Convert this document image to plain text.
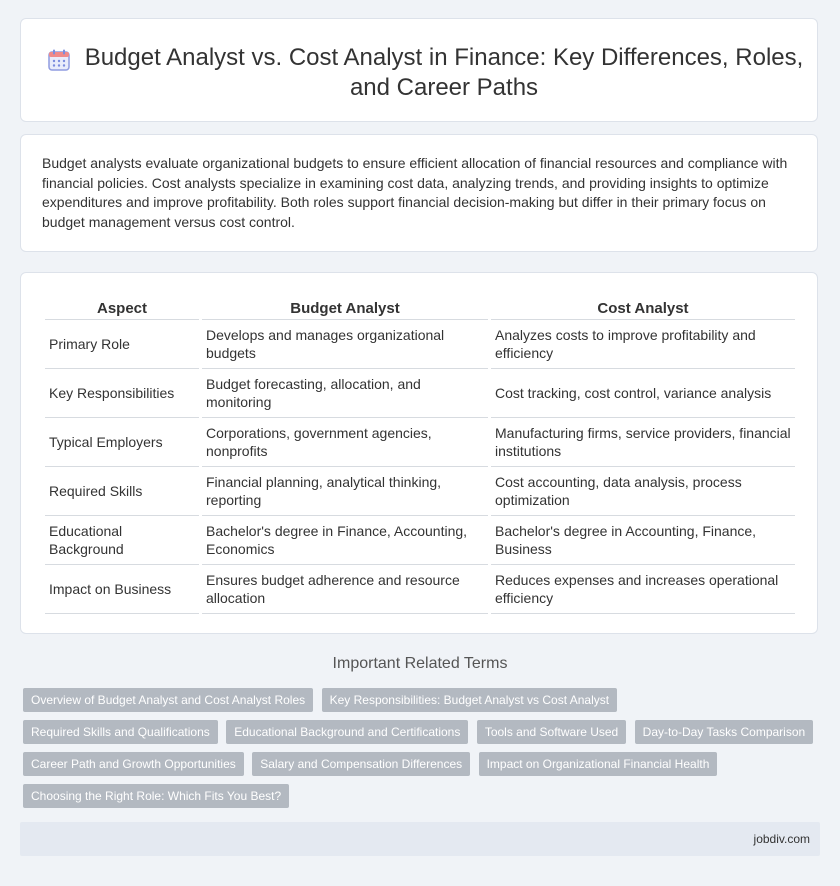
Budget Analyst vs. Cost Analyst in Finance: Key Differences, Roles, and Career Paths

Budget analysts evaluate organizational budgets to ensure efficient allocation of financial resources and compliance with financial policies. Cost analysts specialize in examining cost data, analyzing trends, and providing insights to optimize expenditures and improve profitability. Both roles support financial decision-making but differ in their primary focus on budget management versus cost control.

Aspect	Budget Analyst	Cost Analyst
Primary Role	Develops and manages organizational budgets	Analyzes costs to improve profitability and efficiency
Key Responsibilities	Budget forecasting, allocation, and monitoring	Cost tracking, cost control, variance analysis
Typical Employers	Corporations, government agencies, nonprofits	Manufacturing firms, service providers, financial institutions
Required Skills	Financial planning, analytical thinking, reporting	Cost accounting, data analysis, process optimization
Educational Background	Bachelor's degree in Finance, Accounting, Economics	Bachelor's degree in Accounting, Finance, Business
Impact on Business	Ensures budget adherence and resource allocation	Reduces expenses and increases operational efficiency
Important Related Terms
Overview of Budget Analyst and Cost Analyst Roles Key Responsibilities: Budget Analyst vs Cost Analyst Required Skills and Qualifications Educational Background and Certifications Tools and Software Used Day-to-Day Tasks Comparison Career Path and Growth Opportunities Salary and Compensation Differences Impact on Organizational Financial Health Choosing the Right Role: Which Fits You Best?
jobdiv.com
